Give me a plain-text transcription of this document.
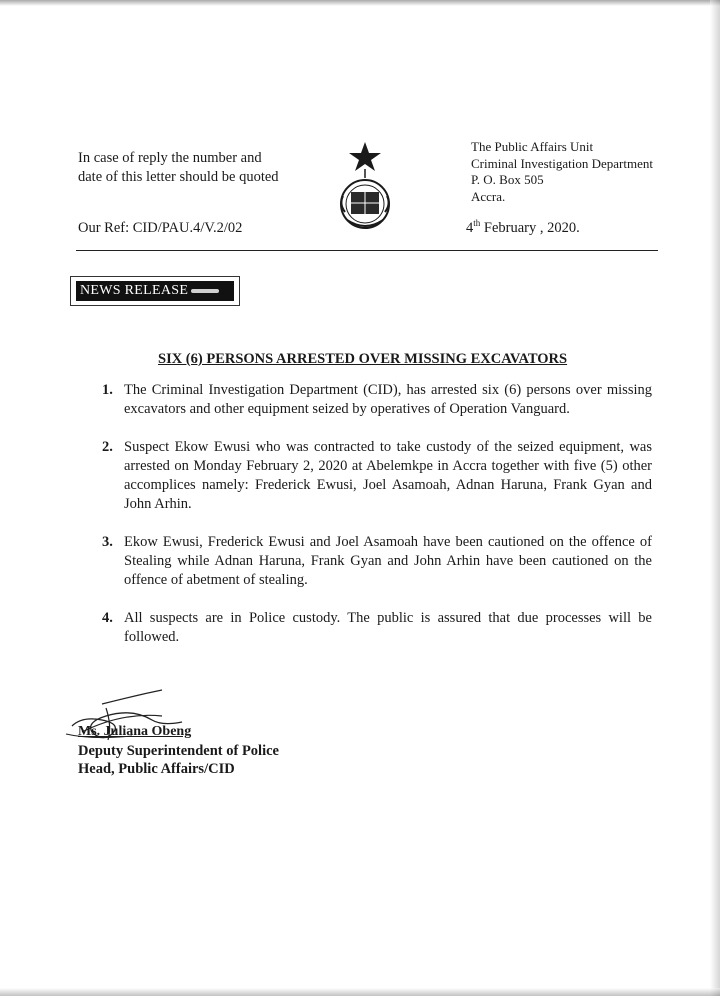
In case of reply the number and
date of this letter should be quoted
Our Ref: CID/PAU.4/V.2/02
The Public Affairs Unit
Criminal Investigation Department
P. O. Box 505
Accra.
4th February , 2020.
NEWS RELEASE
SIX (6) PERSONS ARRESTED OVER MISSING EXCAVATORS
1. The Criminal Investigation Department (CID), has arrested six (6) persons over missing excavators and other equipment seized by operatives of Operation Vanguard.
2. Suspect Ekow Ewusi who was contracted to take custody of the seized equipment, was arrested on Monday February 2, 2020 at Abelemkpe in Accra together with five (5) other accomplices namely: Frederick Ewusi, Joel Asamoah, Adnan Haruna, Frank Gyan and John Arhin.
3. Ekow Ewusi, Frederick Ewusi and Joel Asamoah have been cautioned on the offence of Stealing while Adnan Haruna, Frank Gyan and John Arhin have been cautioned on the offence of abetment of stealing.
4. All suspects are in Police custody. The public is assured that due processes will be followed.
Ms. Juliana Obeng
Deputy Superintendent of Police
Head, Public Affairs/CID
